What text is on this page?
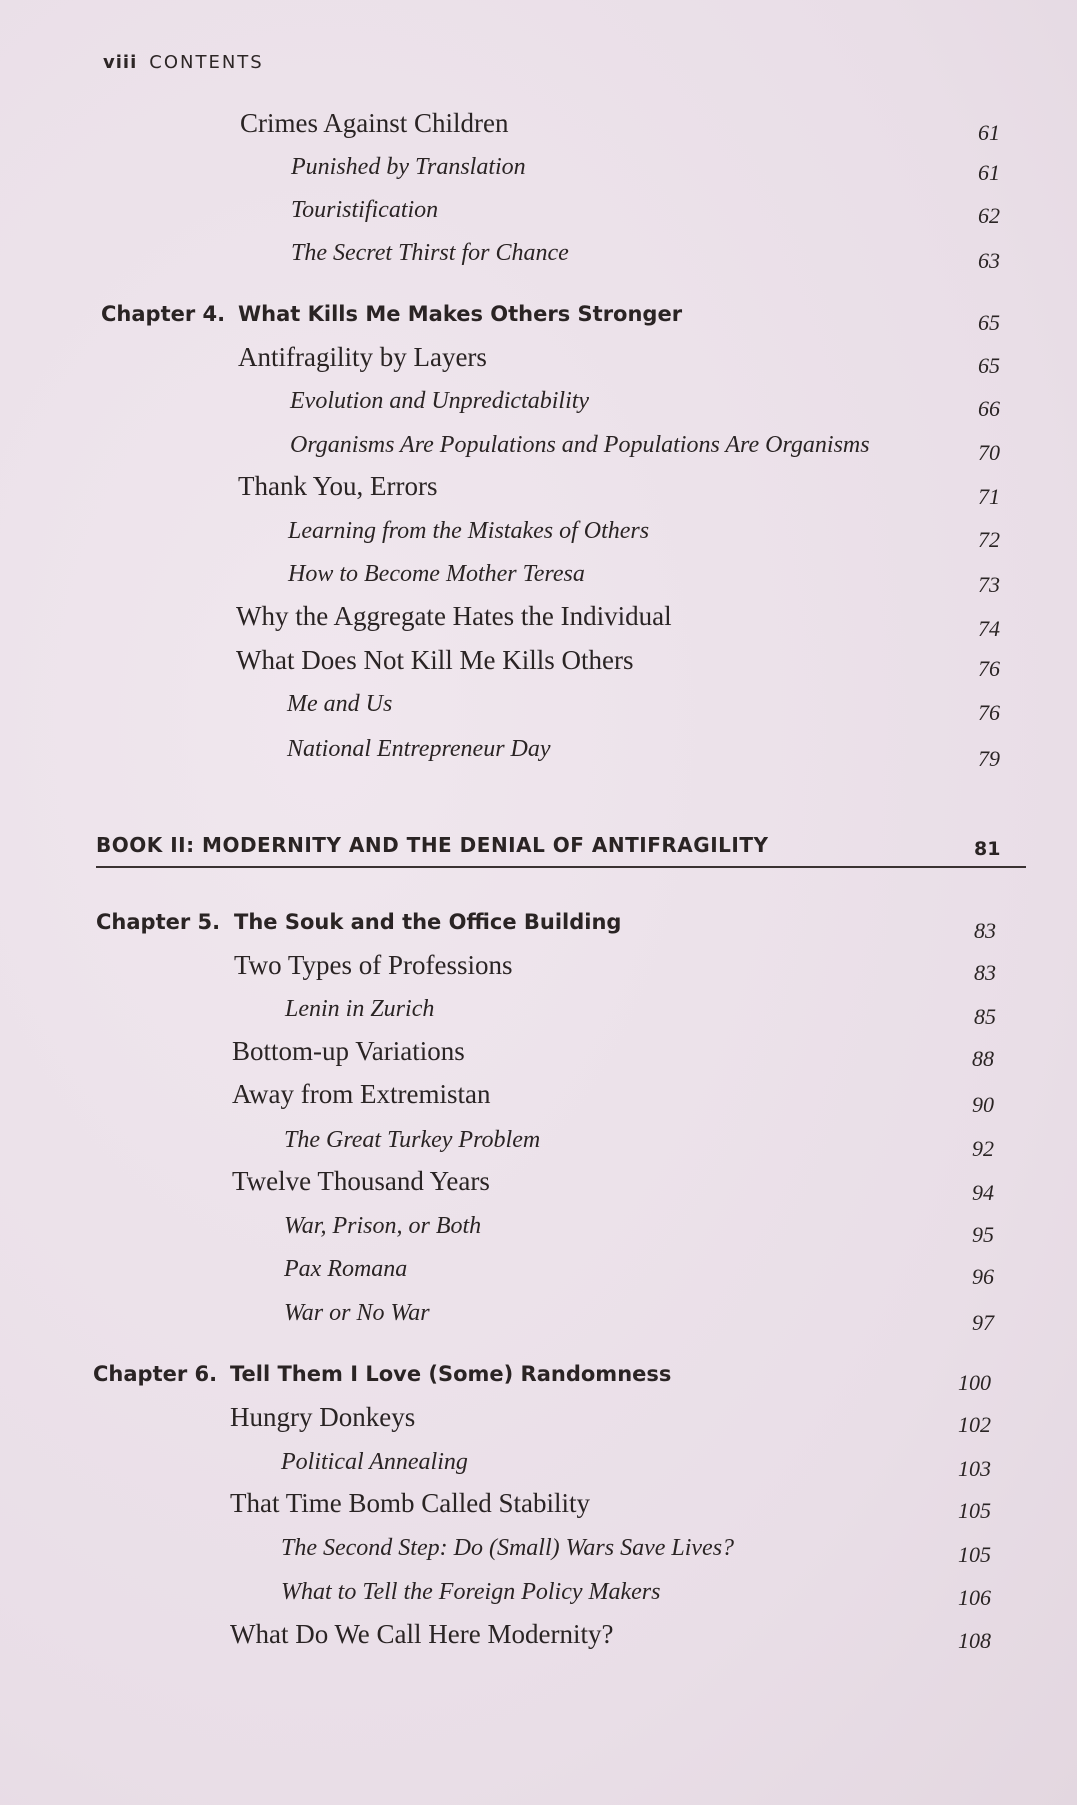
viii CONTENTS
Crimes Against Children	61
Punished by Translation	61
Touristification	62
The Secret Thirst for Chance	63
Chapter 4. What Kills Me Makes Others Stronger	65
Antifragility by Layers	65
Evolution and Unpredictability	66
Organisms Are Populations and Populations Are Organisms	70
Thank You, Errors	71
Learning from the Mistakes of Others	72
How to Become Mother Teresa	73
Why the Aggregate Hates the Individual	74
What Does Not Kill Me Kills Others	76
Me and Us	76
National Entrepreneur Day	79
BOOK II: MODERNITY AND THE DENIAL OF ANTIFRAGILITY	81
Chapter 5. The Souk and the Office Building	83
Two Types of Professions	83
Lenin in Zurich	85
Bottom-up Variations	88
Away from Extremistan	90
The Great Turkey Problem	92
Twelve Thousand Years	94
War, Prison, or Both	95
Pax Romana	96
War or No War	97
Chapter 6. Tell Them I Love (Some) Randomness	100
Hungry Donkeys	102
Political Annealing	103
That Time Bomb Called Stability	105
The Second Step: Do (Small) Wars Save Lives?	105
What to Tell the Foreign Policy Makers	106
What Do We Call Here Modernity?	108
